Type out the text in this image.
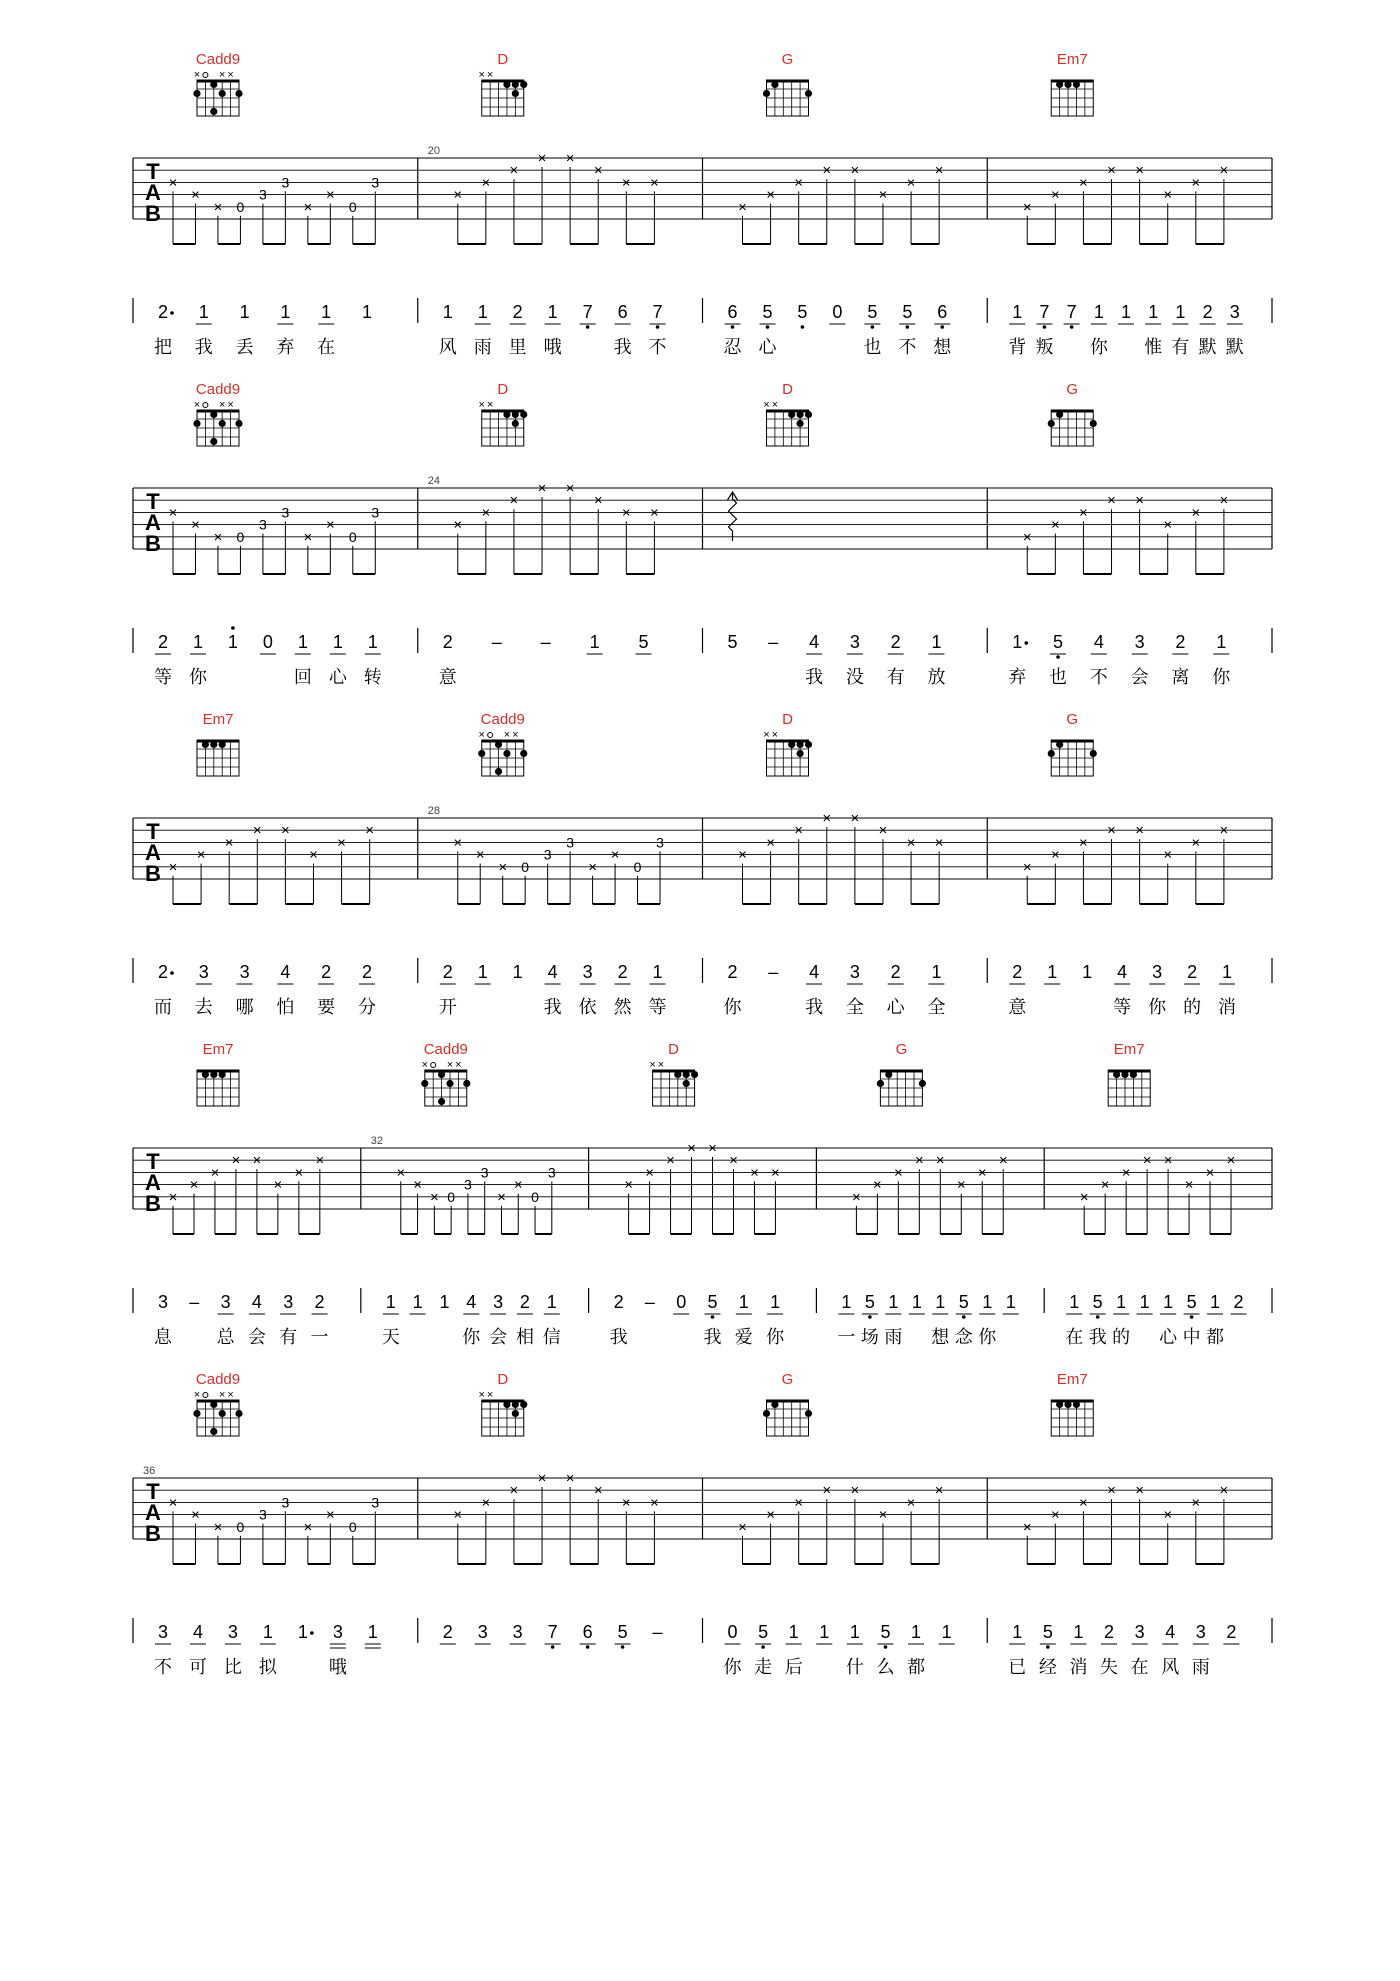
T
A
B
Cadd9
× × ×
×
×
× 0
3
3
×
×
0
3
2
把
1
我
1
丢
1
弃
1
在
1
20
D
× ×
×
×
×
× ×
×
× ×
1
风
1
雨
2
里
1
哦
7 6
我
7
不
G
×
×
×
× ×
×
×
×
6
忍
5
心
5 0 5
也
5
不
6
想
Em7
×
×
×
× ×
×
×
×
1
背
7
叛
7 1
你
1 1
惟
1
有
2
默
3
默
T
A
B
Cadd9
× × ×
×
×
× 0
3
3
×
×
0
3
2
等
1
你
1 0 1
回
1
心
1
转
24
D
× ×
×
×
×
× ×
×
× ×
2
意
– – 1 5
D
× ×
5 – 4
我
3
没
2
有
1
放
G
×
×
×
× ×
×
×
×
1
弃
5
也
4
不
3
会
2
离
1
你
T
A
B
Em7
×
×
×
× ×
×
×
×
2
而
3
去
3
哪
4
怕
2
要
2
分
28
Cadd9
× × ×
×
×
× 0
3
3
×
×
0
3
2
开
1 1 4
我
3
依
2
然
1
等
D
× ×
×
×
×
× ×
×
× ×
2
你
– 4
我
3
全
2
心
1
全
G
×
×
×
× ×
×
×
×
2
意
1 1 4
等
3
你
2
的
1
消
T
A
B
Em7
×
×
×
× ×
×
×
×
3
息
– 3
总
4
会
3
有
2
一
32
Cadd9
× × ×
×
×
× 0
3
3
×
×
0
3
1
天
1 1 4
你
3
会
2
相
1
信
D
× ×
×
×
×
× ×
×
× ×
2
我
– 0 5
我
1
爱
1
你
G
×
×
×
× ×
×
×
×
1
一
5
场
1
雨
1 1
想
5
念
1
你
1
Em7
×
×
×
× ×
×
×
×
1
在
5
我
1
的
1 1
心
5
中
1
都
2
T
A
B
36
Cadd9
× × ×
×
×
× 0
3
3
×
×
0
3
3
不
4
可
3
比
1
拟
1 3
哦
1
D
× ×
×
×
×
× ×
×
× ×
2 3 3 7 6 5 –
G
×
×
×
× ×
×
×
×
0
你
5
走
1
后
1 1
什
5
么
1
都
1
Em7
×
×
×
× ×
×
×
×
1
已
5
经
1
消
2
失
3
在
4
风
3
雨
2
